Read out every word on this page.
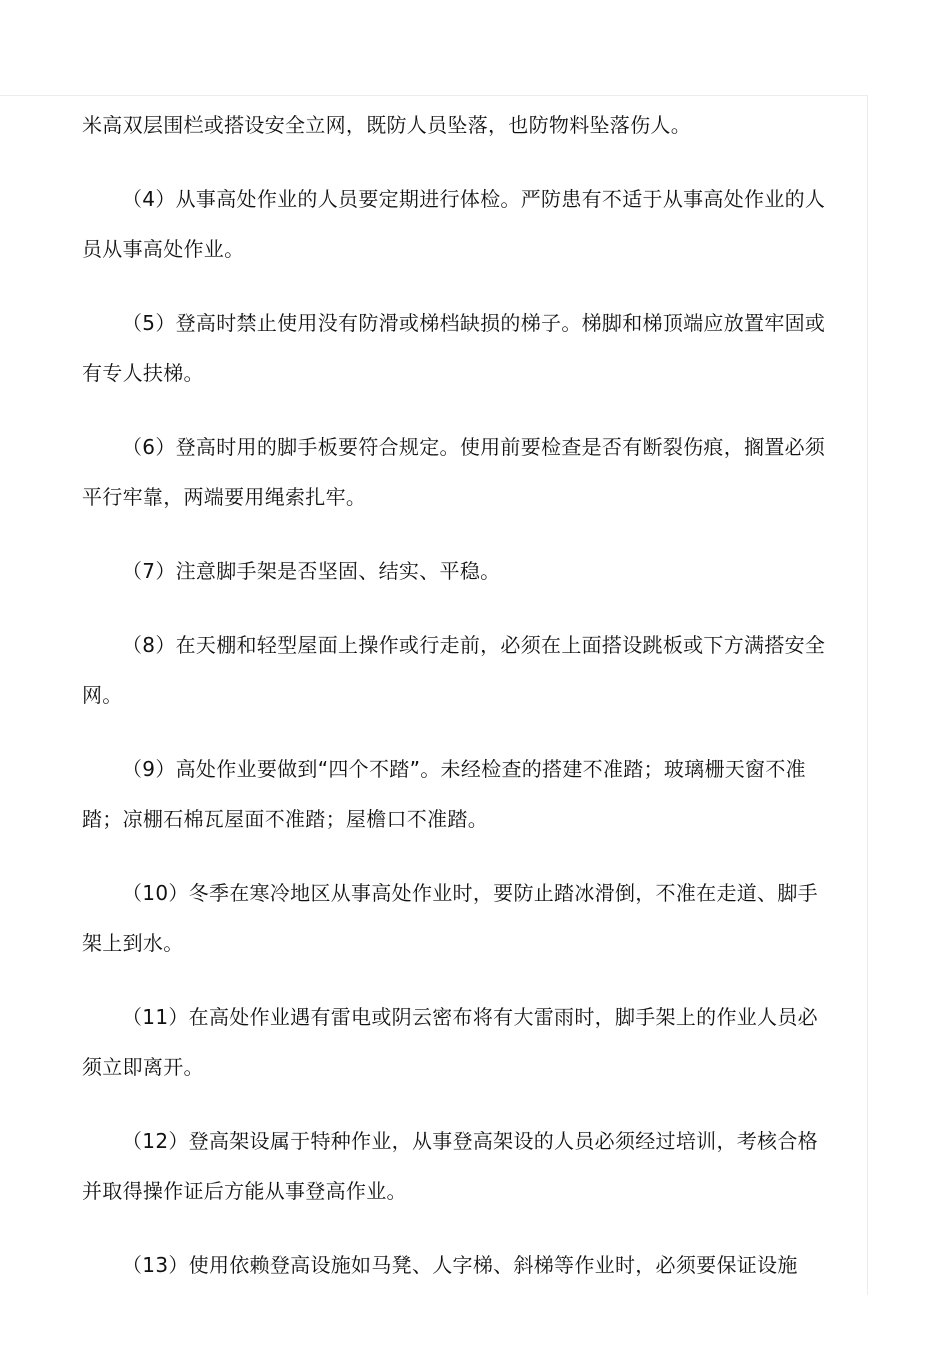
米高双层围栏或搭设安全立网，既防人员坠落，也防物料坠落伤人。

（4）从事高处作业的人员要定期进行体检。严防患有不适于从事高处作业的人员从事高处作业。

（5）登高时禁止使用没有防滑或梯档缺损的梯子。梯脚和梯顶端应放置牢固或有专人扶梯。

（6）登高时用的脚手板要符合规定。使用前要检查是否有断裂伤痕，搁置必须平行牢靠，两端要用绳索扎牢。

（7）注意脚手架是否坚固、结实、平稳。

（8）在天棚和轻型屋面上操作或行走前，必须在上面搭设跳板或下方满搭安全网。

（9）高处作业要做到“四个不踏”。未经检查的搭建不准踏；玻璃栅天窗不准踏；凉棚石棉瓦屋面不准踏；屋檐口不准踏。

（10）冬季在寒冷地区从事高处作业时，要防止踏冰滑倒，不准在走道、脚手架上到水。

（11）在高处作业遇有雷电或阴云密布将有大雷雨时，脚手架上的作业人员必须立即离开。

（12）登高架设属于特种作业，从事登高架设的人员必须经过培训，考核合格并取得操作证后方能从事登高作业。

（13）使用依赖登高设施如马凳、人字梯、斜梯等作业时，必须要保证设施
